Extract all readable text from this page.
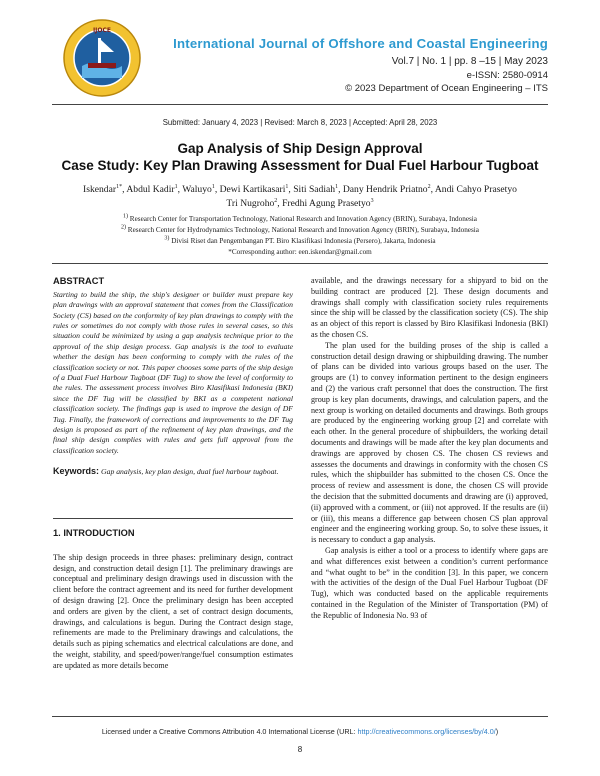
IJOCE
International Journal of Offshore and Coastal Engineering
Vol.7 | No. 1 | pp. 8 –15 | May 2023
e-ISSN: 2580-0914
© 2023 Department of Ocean Engineering – ITS
Submitted: January 4, 2023 | Revised: March 8, 2023 | Accepted: April 28, 2023
Gap Analysis of Ship Design Approval
Case Study: Key Plan Drawing Assessment for Dual Fuel Harbour Tugboat
Iskendar$^{1*}$, Abdul Kadir$^1$, Waluyo$^1$, Dewi Kartikasari$^1$, Siti Sadiah$^1$, Dany Hendrik Priatno$^2$, Andi Cahyo Prasetyo
Tri Nugroho$^2$, Fredhi Agung Prasetyo$^3$
$^{1)}$ Research Center for Transportation Technology, National Research and Innovation Agency (BRIN), Surabaya, Indonesia
$^{2)}$ Research Center for Hydrodynamics Technology, National Research and Innovation Agency (BRIN), Surabaya, Indonesia
$^{3)}$ Divisi Riset dan Pengembangan PT. Biro Klasifikasi Indonesia (Persero), Jakarta, Indonesia
*Corresponding author: een.iskendar@gmail.com
ABSTRACT
Starting to build the ship, the ship's designer or builder must prepare key plan drawings with an approval statement that comes from the Classification Society (CS) based on the conformity of key plan drawings to comply with the rules or sometimes do not comply with those rules in several cases, so this situation could be minimized by using a gap analysis technique prior to the approval of the ship design process. Gap analysis is the tool to evaluate whether the design has been conforming to comply with the rules of the classification society or not. This paper chooses some parts of the ship design of a Dual Fuel Harbour Tugboat (DF Tug) to show the level of conformity to the rules. The assessment process involves Biro Klasifikasi Indonesia (BKI) since the DF Tug will be classified by BKI as a competent national classification society. The findings gap is used to improve the design of DF Tug. Finally, the framework of corrections and improvements to the DF Tug design is proposed as part of the refinement of key plan drawings, and the final ship design complies with rules and gets full approval from the classification society.
Keywords: Gap analysis, key plan design, dual fuel harbour tugboat.
1. INTRODUCTION

The ship design proceeds in three phases: preliminary design, contract design, and construction detail design [1]. The preliminary drawings are conceptual and preliminary design drawings used in discussion with the client before the contract agreement and its need for further development of design drawing [2]. Once the preliminary design has been accepted and orders are given by the client, a set of contract design documents, drawings, and calculations is begun. During the Contract design stage, refinements are made to the Preliminary drawings and calculations, the details such as piping schematics and electrical calculations are done, and the weight, stability, and speed/power/range/fuel consumption estimates are updated as more details become

available, and the drawings necessary for a shipyard to bid on the building contract are produced [2]. These design documents and drawings shall comply with classification society rules requirements since the ship will be classed by the classification society (CS). The ship as an object of this report is classed by Biro Klasifikasi Indonesia (BKI) as the chosen CS.

The plan used for the building proses of the ship is called a construction detail design drawing or shipbuilding drawing. The number of plans can be divided into various groups based on the user. The groups are (1) to convey information pertinent to the design engineers and (2) the various craft personnel that does the construction. The first group is key plan documents, drawings, and calculation papers, and the next group is working on detailed documents and drawings. Both groups are produced by the engineering working group [2] and correlate with each other. In the general procedure of shipbuilders, the working detail documents and drawings will be made after the key plan documents and drawings are approved by chosen CS. The chosen CS reviews and assesses the documents and drawings in conformity with the chosen CS rules, which the shipbuilder has submitted to the chosen CS. Once the process of review and assessment is done, the chosen CS will provide the decision that the submitted documents and drawing are (i) approved, (ii) approved with a comment, or (iii) not approved. If the results are (ii) or (iii), this means a difference gap between chosen CS plan approval engineer and the engineering working group. So, to solve these issues, it is necessary to conduct a gap analysis.

Gap analysis is either a tool or a process to identify where gaps are and what differences exist between a condition’s current performance and “what ought to be” in the condition [3]. In this paper, we concern with the activities of the design of the Dual Fuel Harbour Tugboat (DF Tug), which was conducted based on the applicable requirements contained in the Regulation of the Minister of Transportation (PM) of the Republic of Indonesia No. 93 of

Licensed under a Creative Commons Attribution 4.0 International License (URL: http://creativecommons.org/licenses/by/4.0/)
8
